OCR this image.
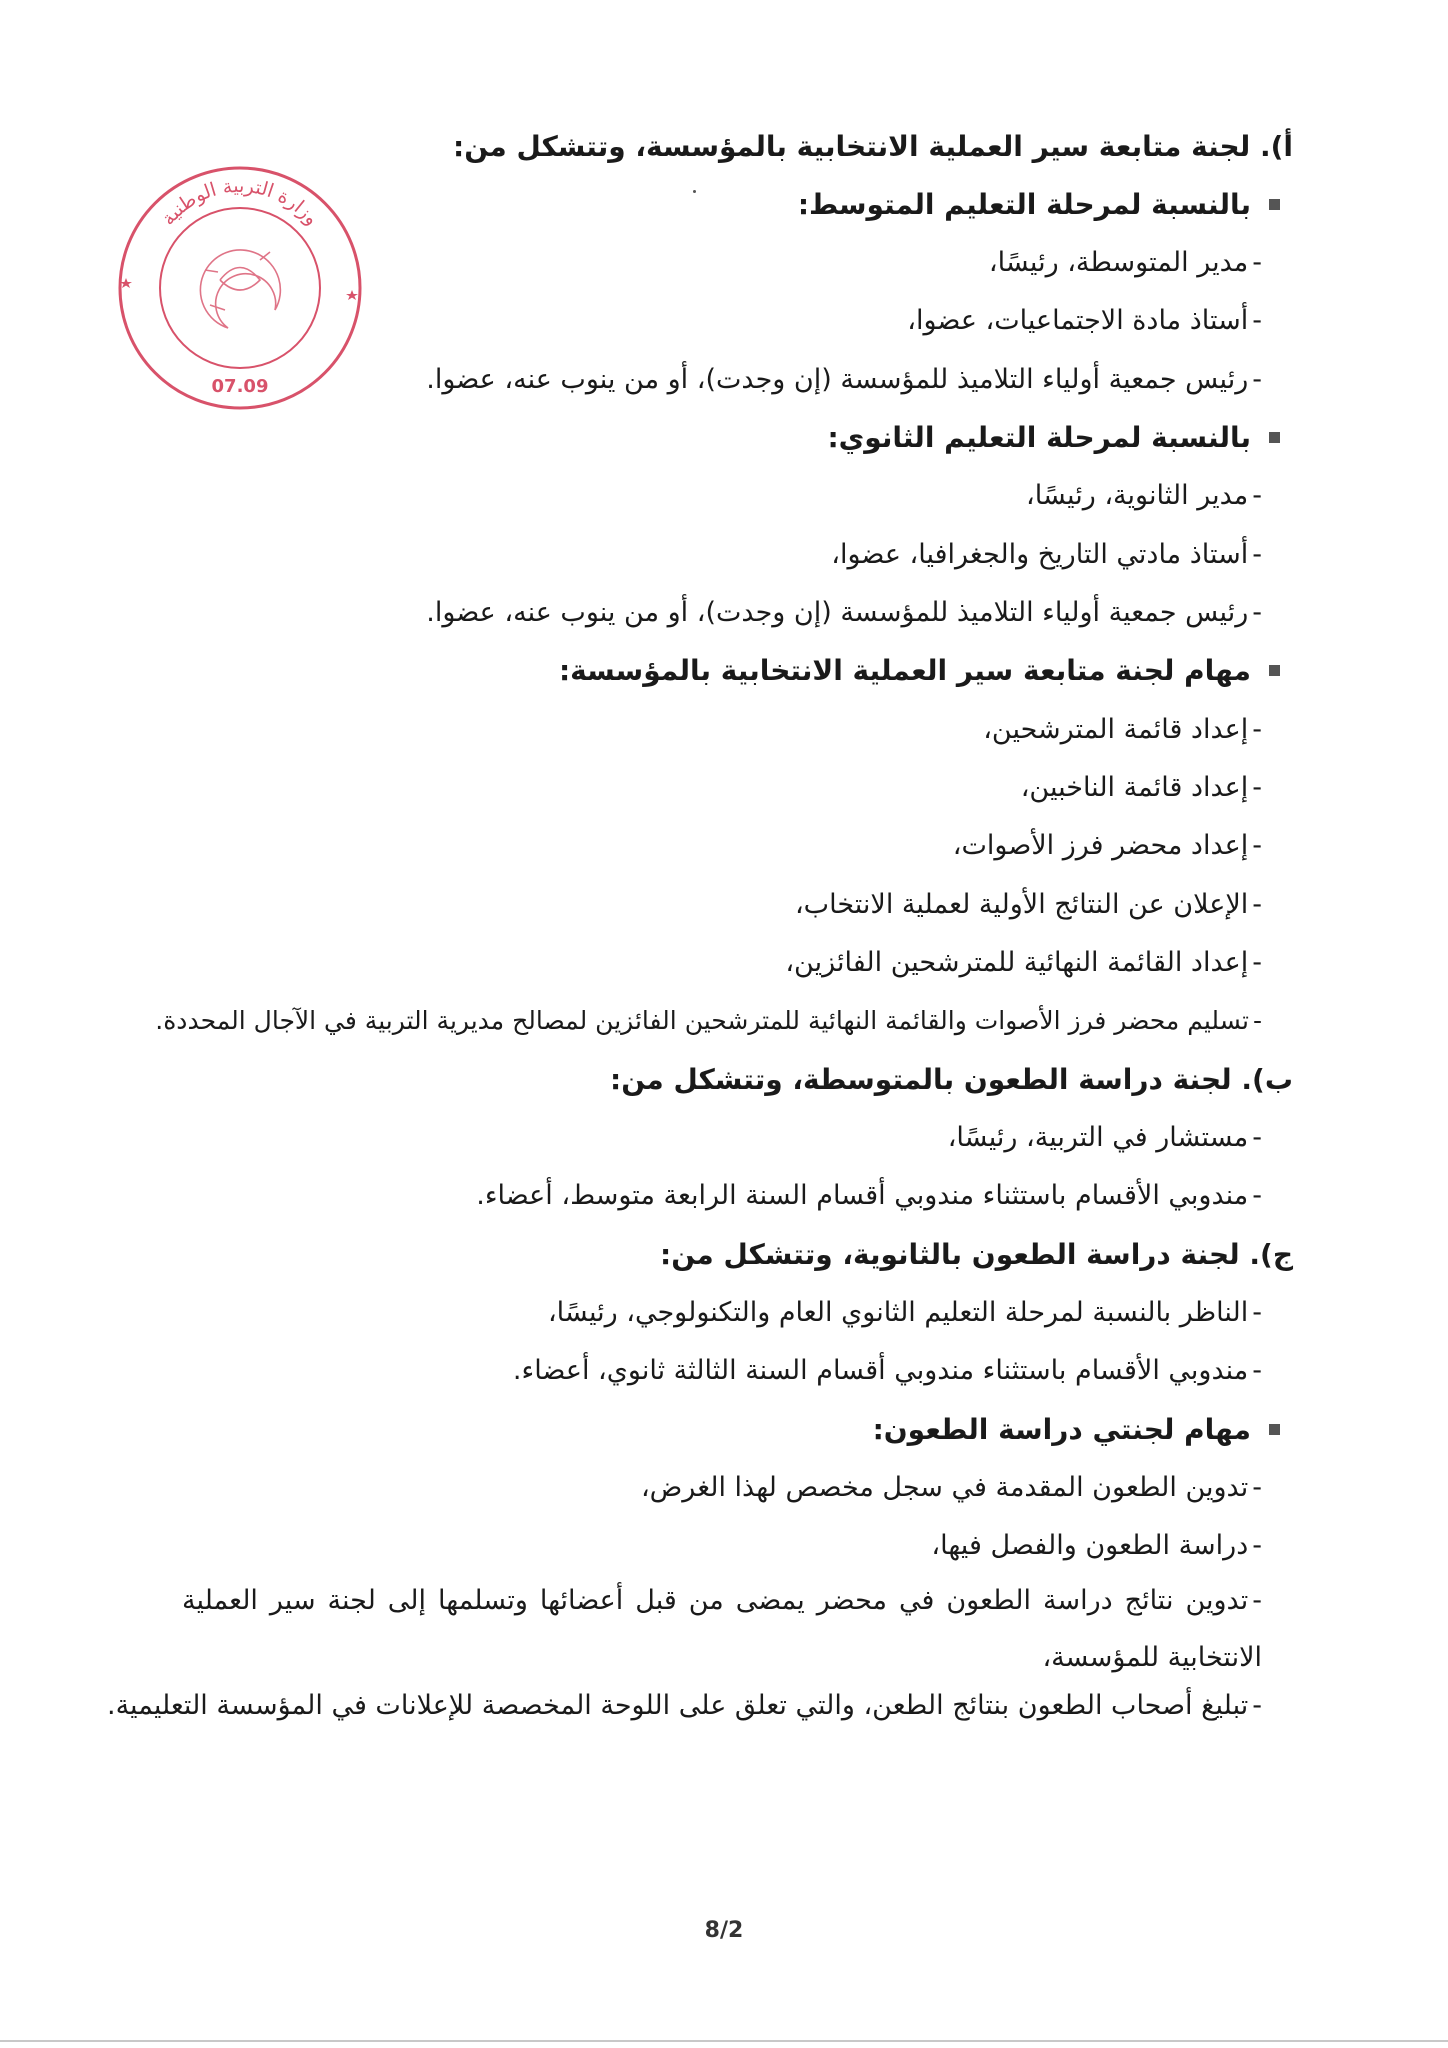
وزارة التربية الوطنية
07.09
أ). لجنة متابعة سير العملية الانتخابية بالمؤسسة، وتتشكل من:
بالنسبة لمرحلة التعليم المتوسط:
-مدير المتوسطة، رئيسًا،
-أستاذ مادة الاجتماعيات، عضوا،
-رئيس جمعية أولياء التلاميذ للمؤسسة (إن وجدت)، أو من ينوب عنه، عضوا.
بالنسبة لمرحلة التعليم الثانوي:
-مدير الثانوية، رئيسًا،
-أستاذ مادتي التاريخ والجغرافيا، عضوا،
-رئيس جمعية أولياء التلاميذ للمؤسسة (إن وجدت)، أو من ينوب عنه، عضوا.
مهام لجنة متابعة سير العملية الانتخابية بالمؤسسة:
-إعداد قائمة المترشحين،
-إعداد قائمة الناخبين،
-إعداد محضر فرز الأصوات،
-الإعلان عن النتائج الأولية لعملية الانتخاب،
-إعداد القائمة النهائية للمترشحين الفائزين،
-تسليم محضر فرز الأصوات والقائمة النهائية للمترشحين الفائزين لمصالح مديرية التربية في الآجال المحددة.
ب). لجنة دراسة الطعون بالمتوسطة، وتتشكل من:
-مستشار في التربية، رئيسًا،
-مندوبي الأقسام باستثناء مندوبي أقسام السنة الرابعة متوسط، أعضاء.
ج). لجنة دراسة الطعون بالثانوية، وتتشكل من:
-الناظر بالنسبة لمرحلة التعليم الثانوي العام والتكنولوجي، رئيسًا،
-مندوبي الأقسام باستثناء مندوبي أقسام السنة الثالثة ثانوي، أعضاء.
مهام لجنتي دراسة الطعون:
-تدوين الطعون المقدمة في سجل مخصص لهذا الغرض،
-دراسة الطعون والفصل فيها،
-تدوين نتائج دراسة الطعون في محضر يمضى من قبل أعضائها وتسلمها إلى لجنة سير العملية الانتخابية للمؤسسة،
-تبليغ أصحاب الطعون بنتائج الطعن، والتي تعلق على اللوحة المخصصة للإعلانات في المؤسسة التعليمية.
8/2
